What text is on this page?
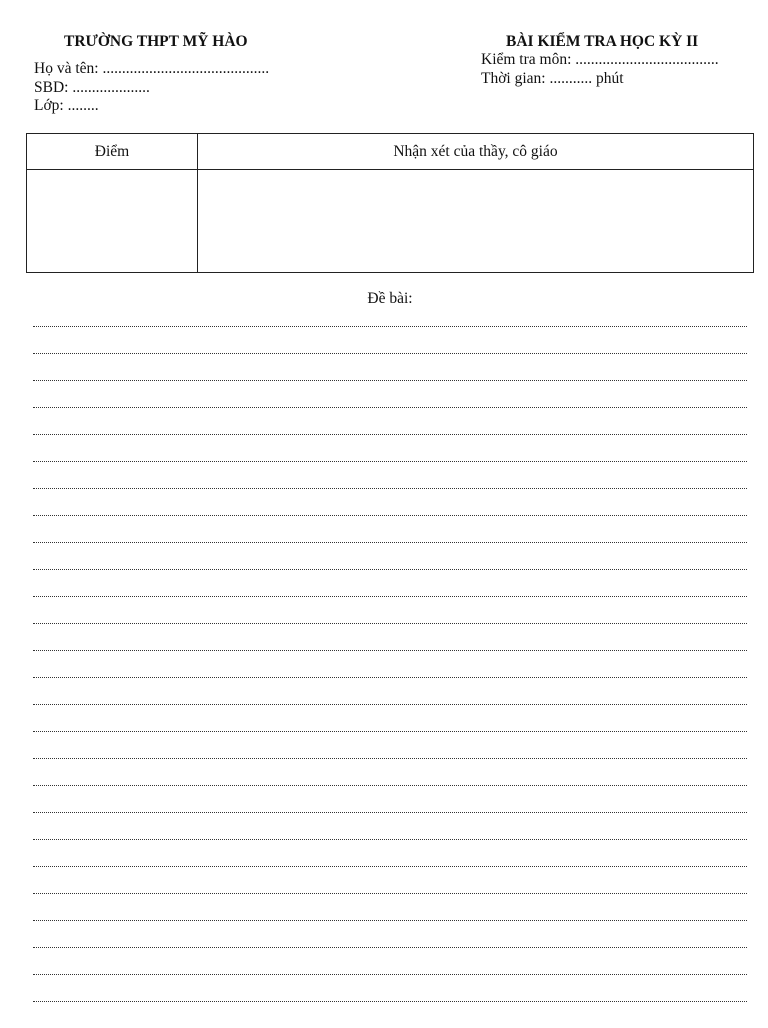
TRƯỜNG THPT MỸ HÀO
Họ và tên: ...........................................
SBD: ....................
Lớp: ........
BÀI KIỂM TRA HỌC KỲ II
Kiểm tra môn: .....................................
Thời gian: ........... phút
Điểm	Nhận xét của thầy, cô giáo

Đề bài:
